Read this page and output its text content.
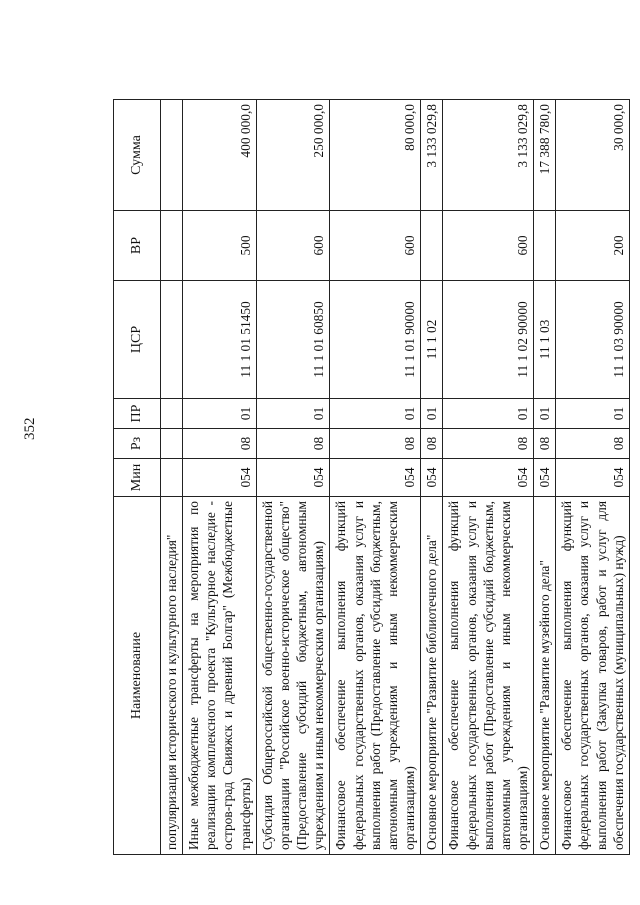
352
Наименование	Мин	Рз	ПР	ЦСР	ВР	Сумма
популяризация исторического и культурного наследия"						
Иные межбюджетные трансферты на мероприятия по реализации комплексного проекта "Культурное наследие - остров-град Свияжск и древний Болгар" (Межбюджетные трансферты)	054	08	01	11 1 01 51450	500	400 000,0
Субсидия Общероссийской общественно-государственной организации "Российское военно-историческое общество" (Предоставление субсидий бюджетным, автономным учреждениям и иным некоммерческим организациям)	054	08	01	11 1 01 60850	600	250 000,0
Финансовое обеспечение выполнения функций федеральных государственных органов, оказания услуг и выполнения работ (Предоставление субсидий бюджетным, автономным учреждениям и иным некоммерческим организациям)	054	08	01	11 1 01 90000	600	80 000,0
Основное мероприятие "Развитие библиотечного дела"	054	08	01	11 1 02		3 133 029,8
Финансовое обеспечение выполнения функций федеральных государственных органов, оказания услуг и выполнения работ (Предоставление субсидий бюджетным, автономным учреждениям и иным некоммерческим организациям)	054	08	01	11 1 02 90000	600	3 133 029,8
Основное мероприятие "Развитие музейного дела"	054	08	01	11 1 03		17 388 780,0
Финансовое обеспечение выполнения функций федеральных государственных органов, оказания услуг и выполнения работ (Закупка товаров, работ и услуг для обеспечения государственных (муниципальных) нужд)	054	08	01	11 1 03 90000	200	30 000,0
